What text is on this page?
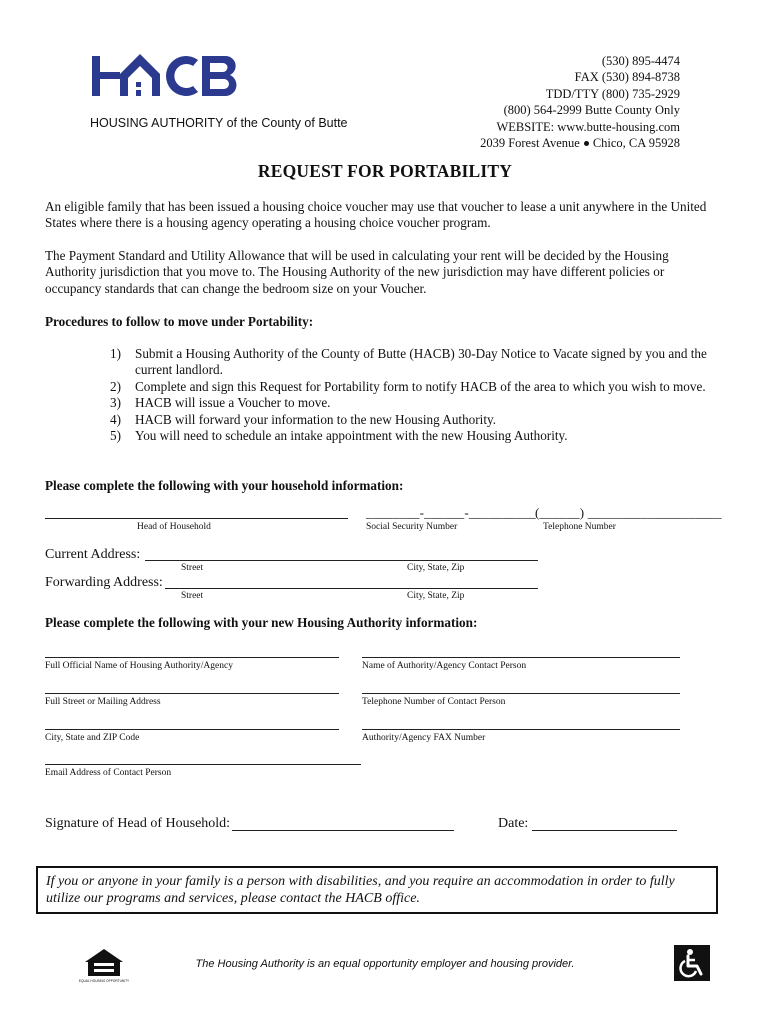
HACB
HOUSING AUTHORITY of the County of Butte
(530) 895-4474
FAX (530) 894-8738
TDD/TTY (800) 735-2929
(800) 564-2999 Butte County Only
WEBSITE: www.butte-housing.com
2039 Forest Avenue Chico, CA 95928
REQUEST FOR PORTABILITY
An eligible family that has been issued a housing choice voucher may use that voucher to lease a unit anywhere in the United States where there is a housing agency operating a housing choice voucher program.
The Payment Standard and Utility Allowance that will be used in calculating your rent will be decided by the Housing Authority jurisdiction that you move to. The Housing Authority of the new jurisdiction may have different policies or occupancy standards that can change the bedroom size on your Voucher.
Procedures to follow to move under Portability:
1) Submit a Housing Authority of the County of Butte (HACB) 30-Day Notice to Vacate signed by you and the current landlord.
2) Complete and sign this Request for Portability form to notify HACB of the area to which you wish to move.
3) HACB will issue a Voucher to move.
4) HACB will forward your information to the new Housing Authority.
5) You will need to schedule an intake appointment with the new Housing Authority.
Please complete the following with your household information:
________-______-__________ (______) ____________________
Head of Household	Social Security Number	Telephone Number
Current Address:
Street	City, State, Zip
Forwarding Address:
Street	City, State, Zip
Please complete the following with your new Housing Authority information:
Full Official Name of Housing Authority/Agency	Name of Authority/Agency Contact Person
Full Street or Mailing Address	Telephone Number of Contact Person
City, State and ZIP Code	Authority/Agency FAX Number
Email Address of Contact Person
Signature of Head of Household:	Date:
If you or anyone in your family is a person with disabilities, and you require an accommodation in order to fully utilize our programs and services, please contact the HACB office.
EQUAL HOUSING OPPORTUNITY
The Housing Authority is an equal opportunity employer and housing provider.
